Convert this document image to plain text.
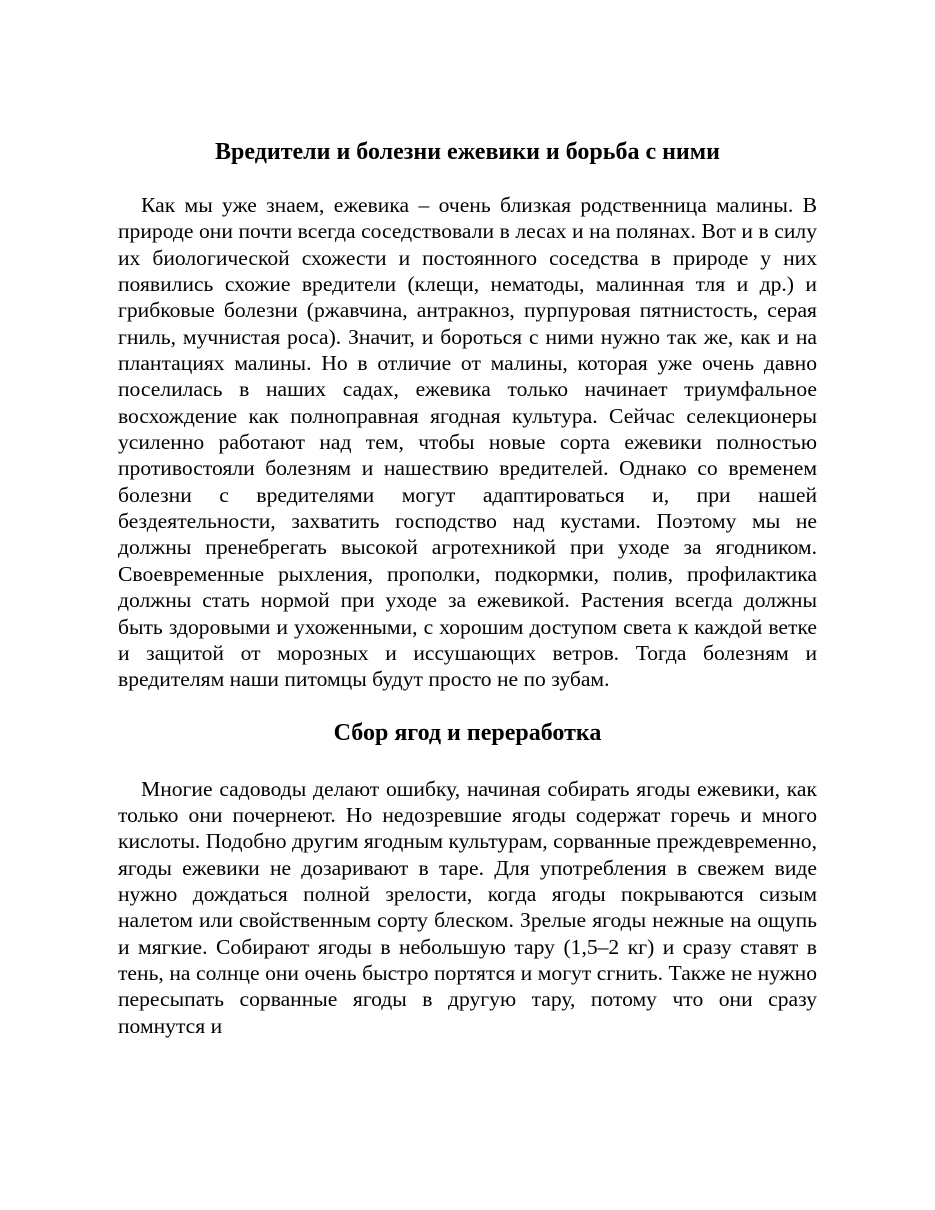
Вредители и болезни ежевики и борьба с ними

Как мы уже знаем, ежевика – очень близкая родственница малины. В природе они почти всегда соседствовали в лесах и на полянах. Вот и в силу их биологической схожести и постоянного соседства в природе у них появились схожие вредители (клещи, нематоды, малинная тля и др.) и грибковые болезни (ржавчина, антракноз, пурпуровая пятнистость, серая гниль, мучнистая роса). Значит, и бороться с ними нужно так же, как и на плантациях малины. Но в отличие от малины, которая уже очень давно поселилась в наших садах, ежевика только начинает триумфальное восхождение как полноправная ягодная культура. Сейчас селекционеры усиленно работают над тем, чтобы новые сорта ежевики полностью противостояли болезням и нашествию вредителей. Однако со временем болезни с вредителями могут адаптироваться и, при нашей бездеятельности, захватить господство над кустами. Поэтому мы не должны пренебрегать высокой агротехникой при уходе за ягодником. Своевременные рыхления, прополки, подкормки, полив, профилактика должны стать нормой при уходе за ежевикой. Растения всегда должны быть здоровыми и ухоженными, с хорошим доступом света к каждой ветке и защитой от морозных и иссушающих ветров. Тогда болезням и вредителям наши питомцы будут просто не по зубам.

Сбор ягод и переработка

Многие садоводы делают ошибку, начиная собирать ягоды ежевики, как только они почернеют. Но недозревшие ягоды содержат горечь и много кислоты. Подобно другим ягодным культурам, сорванные преждевременно, ягоды ежевики не дозаривают в таре. Для употребления в свежем виде нужно дождаться полной зрелости, когда ягоды покрываются сизым налетом или свойственным сорту блеском. Зрелые ягоды нежные на ощупь и мягкие. Собирают ягоды в небольшую тару (1,5–2 кг) и сразу ставят в тень, на солнце они очень быстро портятся и могут сгнить. Также не нужно пересыпать сорванные ягоды в другую тару, потому что они сразу помнутся и
